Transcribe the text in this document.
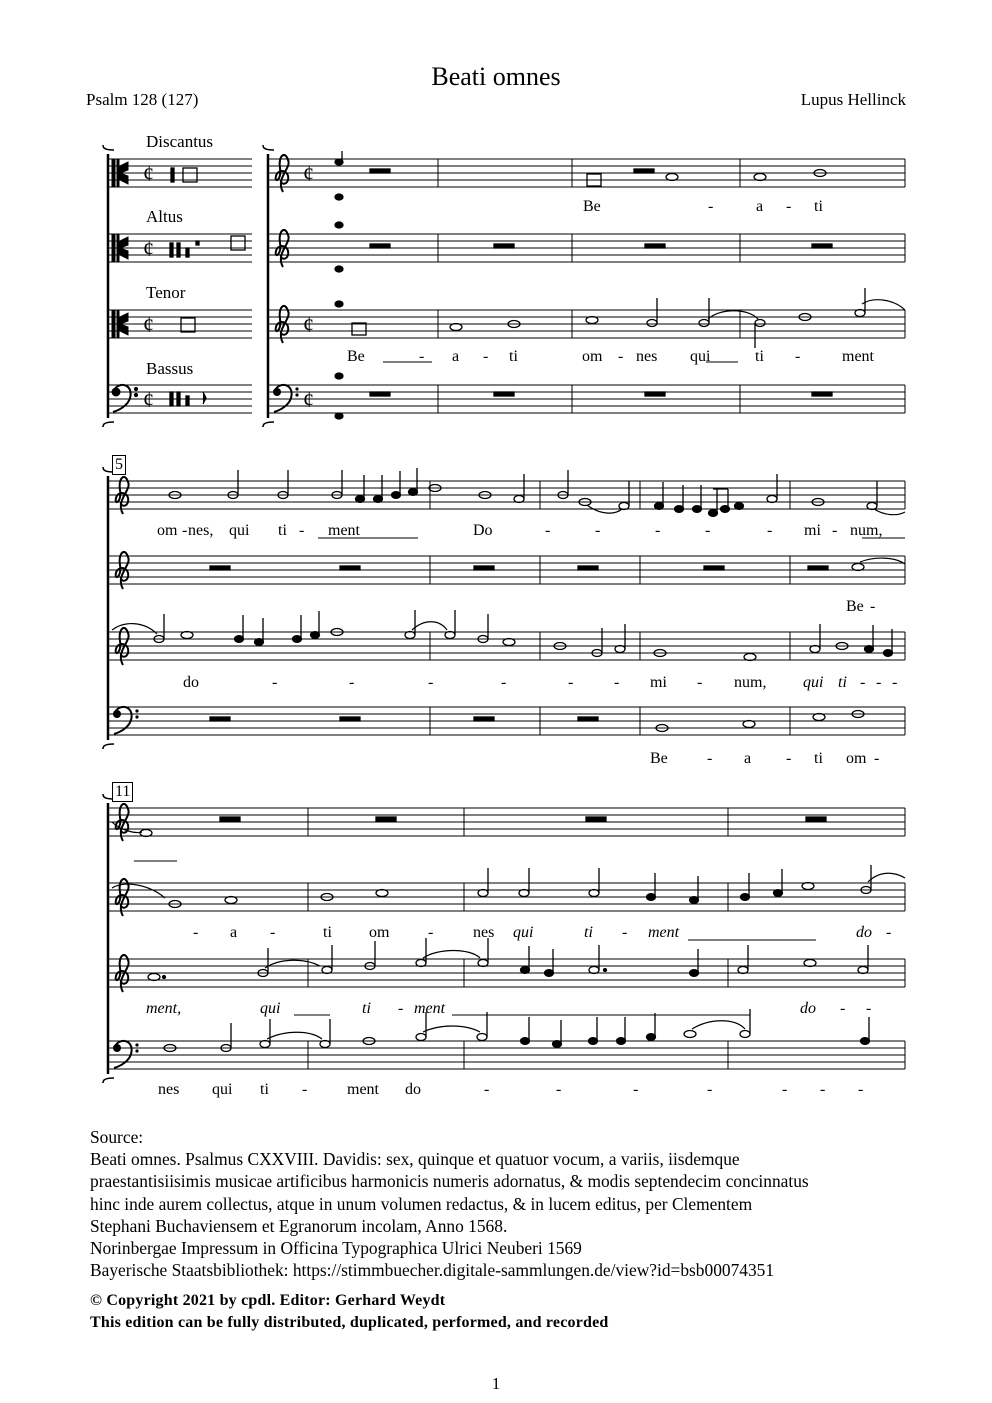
Beati omnes
Psalm 128 (127)	Lupus Hellinck
Discantus
Altus
Tenor
Bassus
¢
¢
¢
¢
¢
¢
¢
5
11
Be	-	a - ti
Be	- a - ti	om - nes qui	ti -	ment
om - nes, qui ti - ment	Do	-	-	-	-	- mi - num,
Be -
do	-	-	-	-	-	- mi - num, qui ti - - -
Be - a - ti om -
- a -	ti om - nes qui	ti - ment	do -
ment,	qui	ti - ment	do - -
nes qui ti - ment do	-	-	-	-	- - -
Source:
Beati omnes. Psalmus CXXVIII. Davidis: sex, quinque et quatuor vocum, a variis, iisdemque
praestantisiisimis musicae artificibus harmonicis numeris adornatus, & modis septendecim concinnatus
hinc inde aurem collectus, atque in unum volumen redactus, & in lucem editus, per Clementem
Stephani Buchaviensem et Egranorum incolam, Anno 1568.
Norinbergae Impressum in Officina Typographica Ulrici Neuberi 1569
Bayerische Staatsbibliothek: https://stimmbuecher.digitale-sammlungen.de/view?id=bsb00074351
© Copyright 2021 by cpdl. Editor: Gerhard Weydt
This edition can be fully distributed, duplicated, performed, and recorded
1
